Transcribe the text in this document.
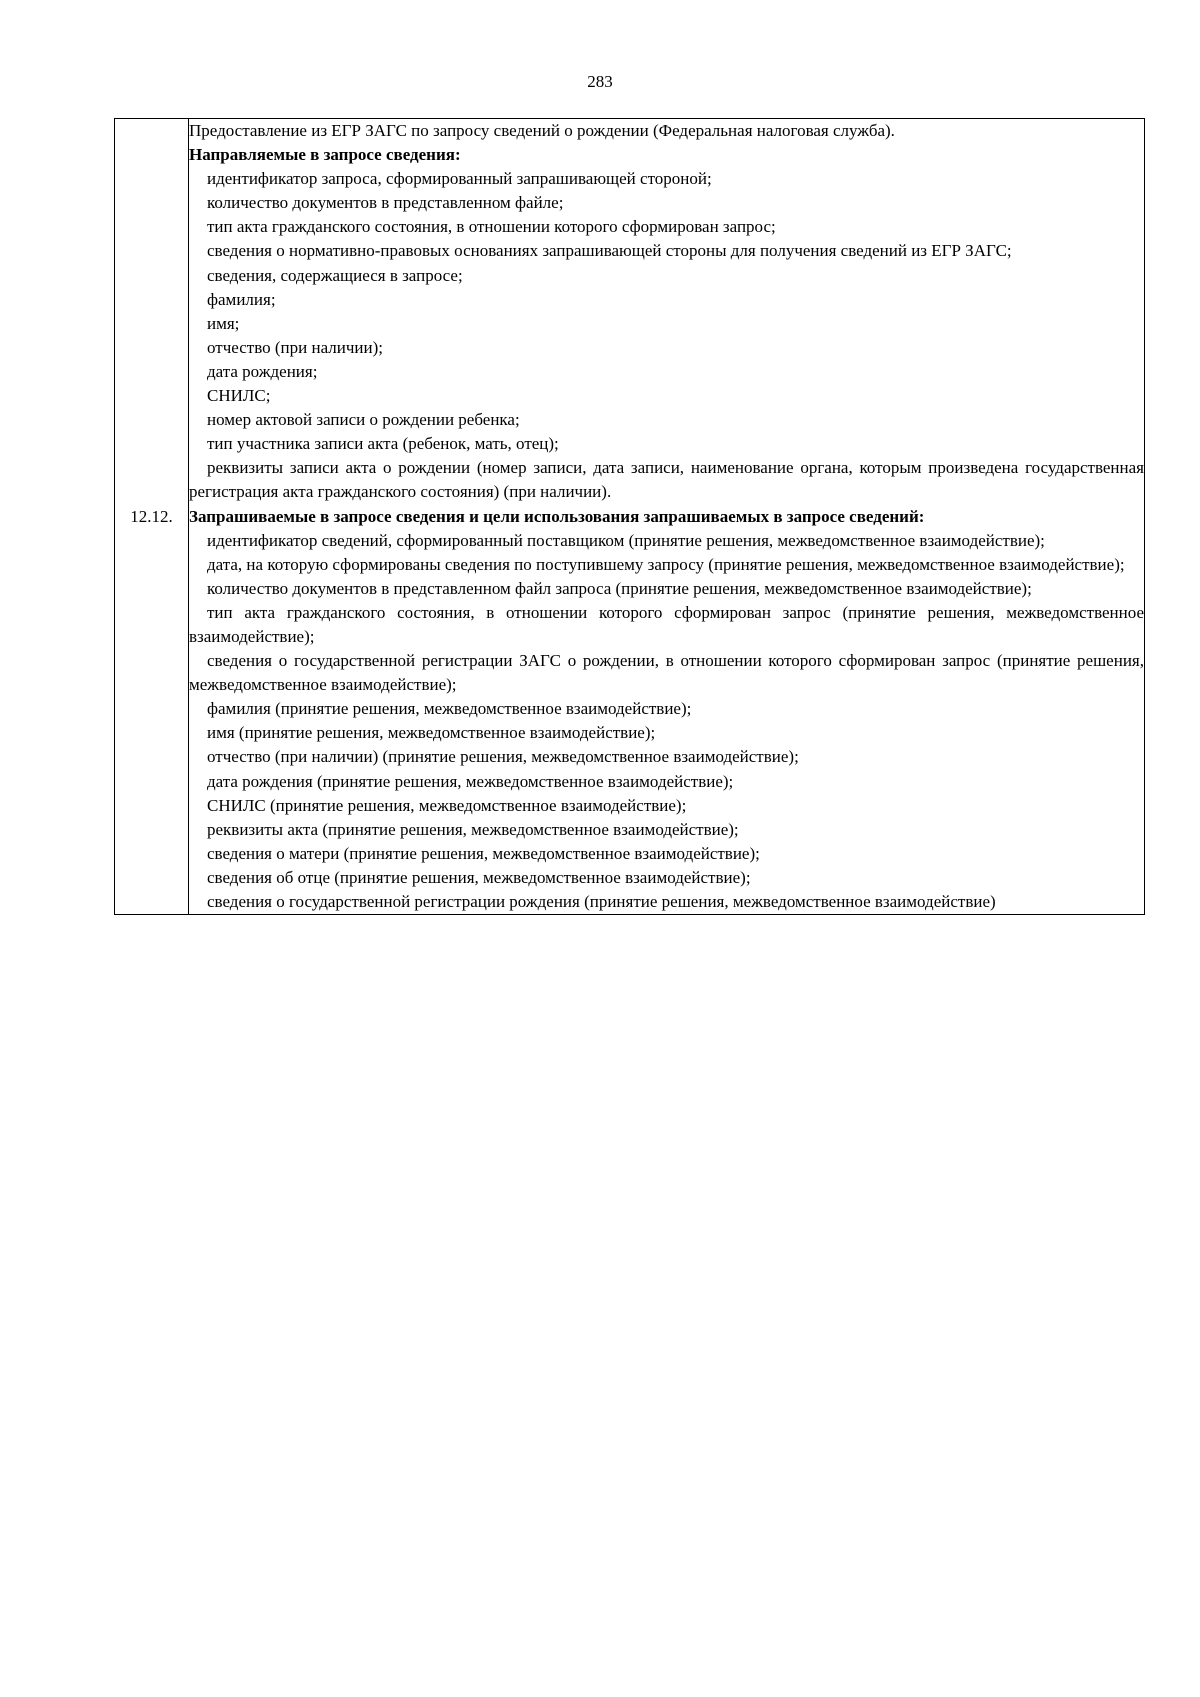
283
12.12.	

Предоставление из ЕГР ЗАГС по запросу сведений о рождении (Федеральная налоговая служба).

Направляемые в запросе сведения:

идентификатор запроса, сформированный запрашивающей стороной;

количество документов в представленном файле;

тип акта гражданского состояния, в отношении которого сформирован запрос;

сведения о нормативно-правовых основаниях запрашивающей стороны для получения сведений из ЕГР ЗАГС;

сведения, содержащиеся в запросе;

фамилия;

имя;

отчество (при наличии);

дата рождения;

СНИЛС;

номер актовой записи о рождении ребенка;

тип участника записи акта (ребенок, мать, отец);

реквизиты записи акта о рождении (номер записи, дата записи, наименование органа, которым произведена государственная регистрация акта гражданского состояния) (при наличии).

Запрашиваемые в запросе сведения и цели использования запрашиваемых в запросе сведений:

идентификатор сведений, сформированный поставщиком (принятие решения, межведомственное взаимодействие);

дата, на которую сформированы сведения по поступившему запросу (принятие решения, межведомственное взаимодействие);

количество документов в представленном файл запроса (принятие решения, межведомственное взаимодействие);

тип акта гражданского состояния, в отношении которого сформирован запрос (принятие решения, межведомственное взаимодействие);

сведения о государственной регистрации ЗАГС о рождении, в отношении которого сформирован запрос (принятие решения, межведомственное взаимодействие);

фамилия (принятие решения, межведомственное взаимодействие);

имя (принятие решения, межведомственное взаимодействие);

отчество (при наличии) (принятие решения, межведомственное взаимодействие);

дата рождения (принятие решения, межведомственное взаимодействие);

СНИЛС (принятие решения, межведомственное взаимодействие);

реквизиты акта (принятие решения, межведомственное взаимодействие);

сведения о матери (принятие решения, межведомственное взаимодействие);

сведения об отце (принятие решения, межведомственное взаимодействие);

сведения о государственной регистрации рождения (принятие решения, межведомственное взаимодействие)
